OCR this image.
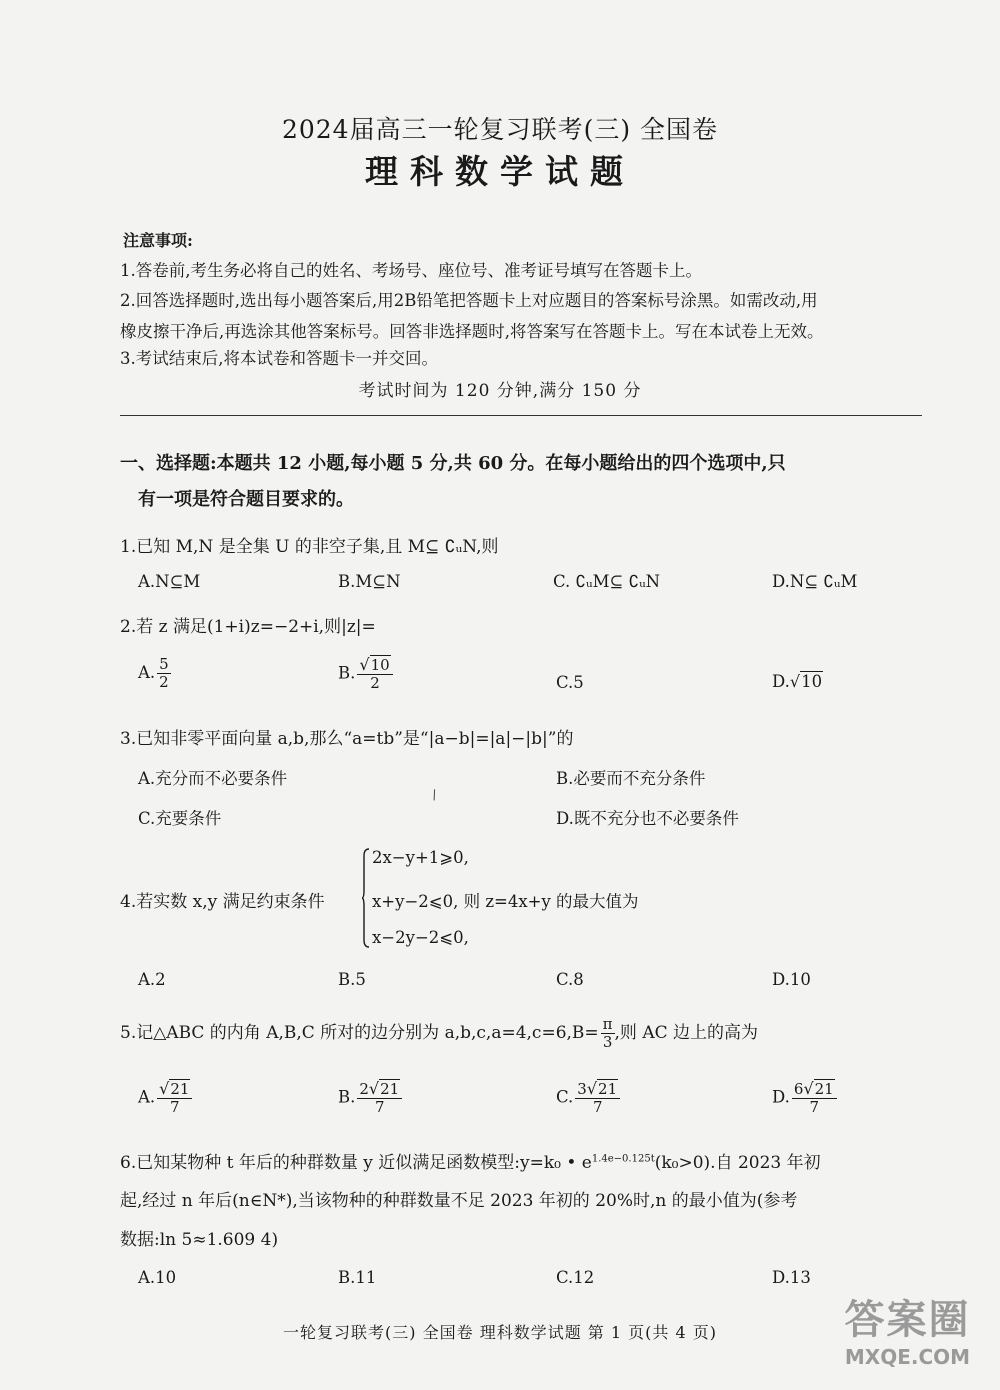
2024届高三一轮复习联考(三) 全国卷
理科数学试题
注意事项:
1.答卷前,考生务必将自己的姓名、考场号、座位号、准考证号填写在答题卡上。
2.回答选择题时,选出每小题答案后,用2B铅笔把答题卡上对应题目的答案标号涂黑。如需改动,用
橡皮擦干净后,再选涂其他答案标号。回答非选择题时,将答案写在答题卡上。写在本试卷上无效。
3.考试结束后,将本试卷和答题卡一并交回。
考试时间为 120 分钟,满分 150 分
一、选择题:本题共 12 小题,每小题 5 分,共 60 分。在每小题给出的四个选项中,只
有一项是符合题目要求的。
1.已知 M,N 是全集 U 的非空子集,且 M⊆ ∁ᵤN,则
A.N⊆M	B.M⊆N	C. ∁ᵤM⊆ ∁ᵤN	D.N⊆ ∁ᵤM
2.若 z 满足(1+i)z=−2+i,则|z|=
A. $\frac{5}{2}$	B. $\frac{√10}{2}$	C.5	D.√10
3.已知非零平面向量 a,b,那么“a=tb”是“|a−b|=|a|−|b|”的
A.充分而不必要条件	B.必要而不充分条件
C.充要条件	D.既不充分也不必要条件
\
4.若实数 x,y 满足约束条件
2x−y+1⩾0,
x+y−2⩽0, 则 z=4x+y 的最大值为
x−2y−2⩽0,
A.2	B.5	C.8	D.10
5.记△ABC 的内角 A,B,C 所对的边分别为 $a,b,c,a=4,c=6,B= \frac{\pi}{3}$ ,则 AC 边上的高为
A. $\frac{√21}{7}$	B. $\frac{2√21}{7}$	C. $\frac{3√21}{7}$	D. $\frac{6√21}{7}$
6.已知某物种 t 年后的种群数量 y 近似满足函数模型:y=k₀ • $e^{1.4e-0.125t}(k_0>0)$.自 2023 年初
起,经过 n 年后(n∈N*),当该物种的种群数量不足 2023 年初的 20%时,n 的最小值为(参考
数据:ln 5≈1.609 4)
A.10	B.11	C.12	D.13
一轮复习联考(三) 全国卷 理科数学试题 第 1 页(共 4 页)	答案圈
MXQE.COM
